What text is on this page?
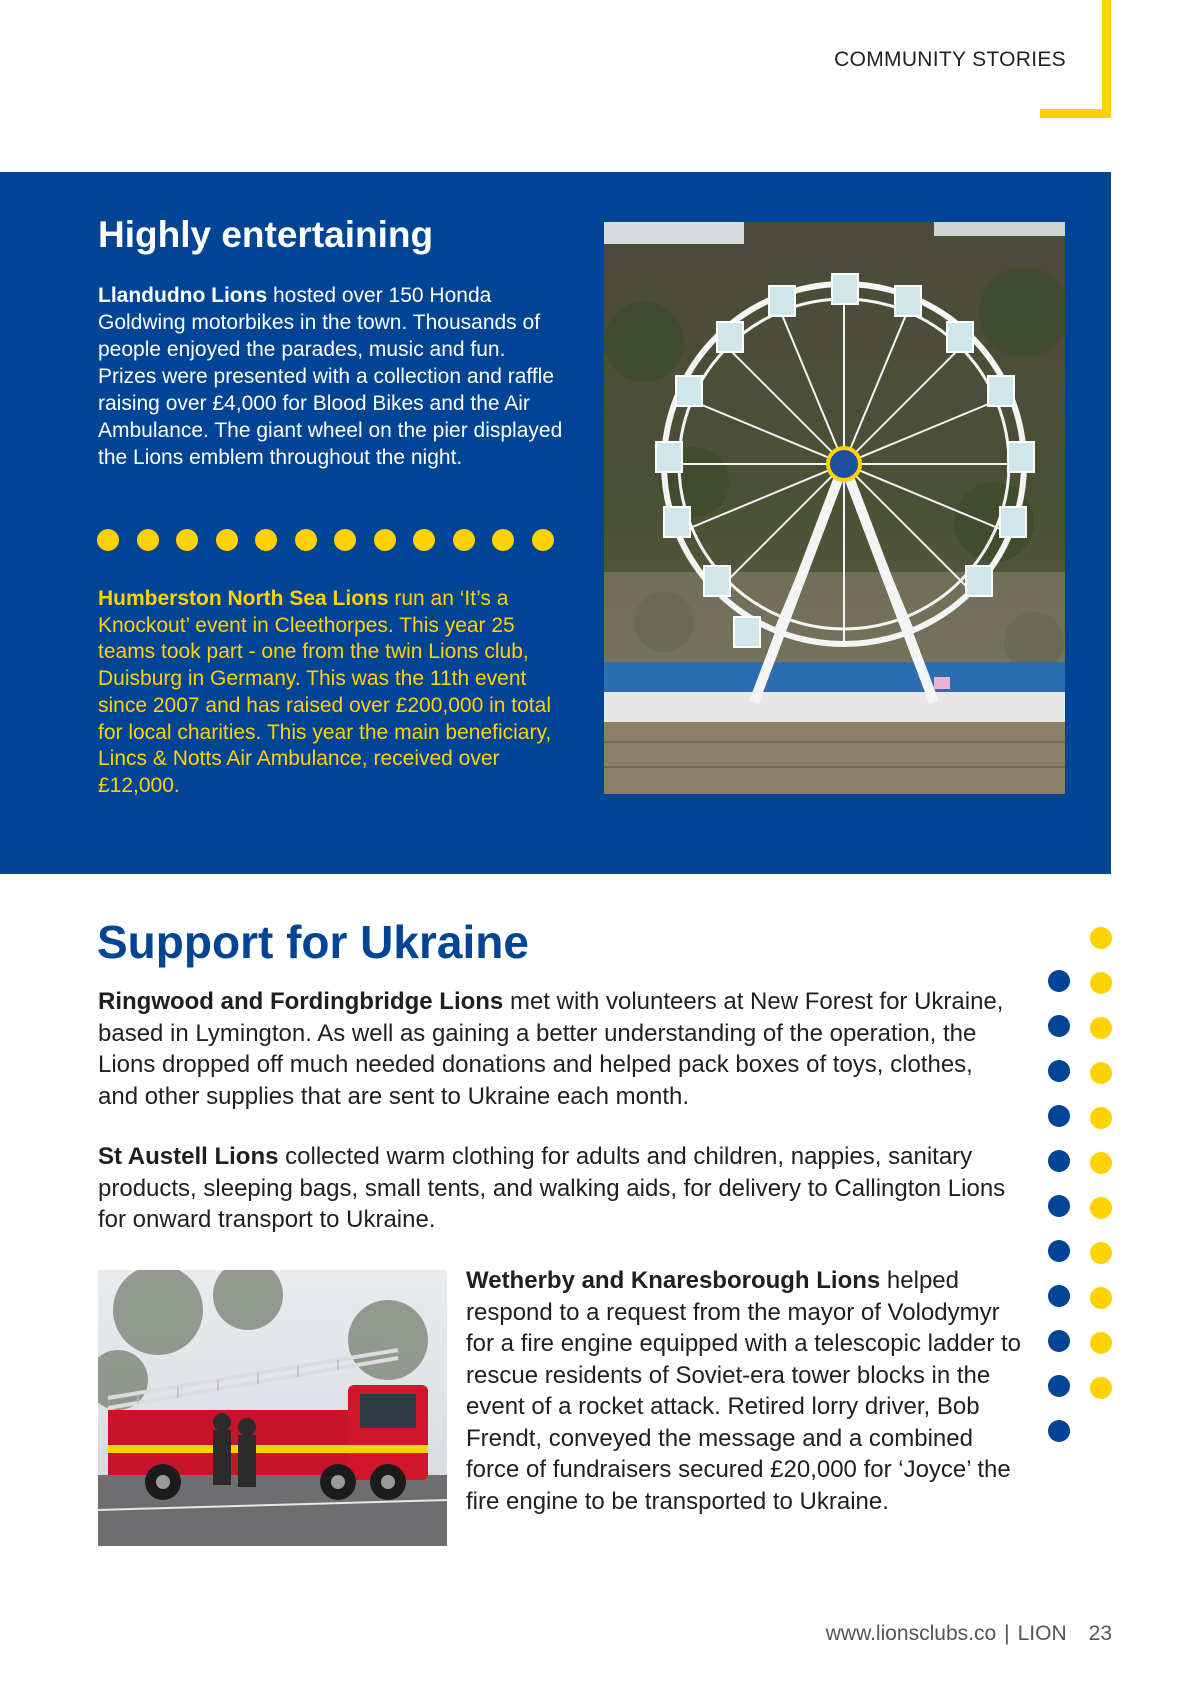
COMMUNITY STORIES
Highly entertaining
Llandudno Lions hosted over 150 Honda Goldwing motorbikes in the town. Thousands of people enjoyed the parades, music and fun. Prizes were presented with a collection and raffle raising over £4,000 for Blood Bikes and the Air Ambulance. The giant wheel on the pier displayed the Lions emblem throughout the night.
Humberston North Sea Lions run an ‘It’s a Knockout’ event in Cleethorpes. This year 25 teams took part - one from the twin Lions club, Duisburg in Germany. This was the 11th event since 2007 and has raised over £200,000 in total for local charities. This year the main beneficiary, Lincs & Notts Air Ambulance, received over £12,000.
Support for Ukraine
Ringwood and Fordingbridge Lions met with volunteers at New Forest for Ukraine, based in Lymington. As well as gaining a better understanding of the operation, the Lions dropped off much needed donations and helped pack boxes of toys, clothes, and other supplies that are sent to Ukraine each month.
St Austell Lions collected warm clothing for adults and children, nappies, sanitary products, sleeping bags, small tents, and walking aids, for delivery to Callington Lions for onward transport to Ukraine.
Wetherby and Knaresborough Lions helped respond to a request from the mayor of Volodymyr for a fire engine equipped with a telescopic ladder to rescue residents of Soviet-era tower blocks in the event of a rocket attack. Retired lorry driver, Bob Frendt, conveyed the message and a combined force of fundraisers secured £20,000 for ‘Joyce’ the fire engine to be transported to Ukraine.
www.lionsclubs.co | LION 23
